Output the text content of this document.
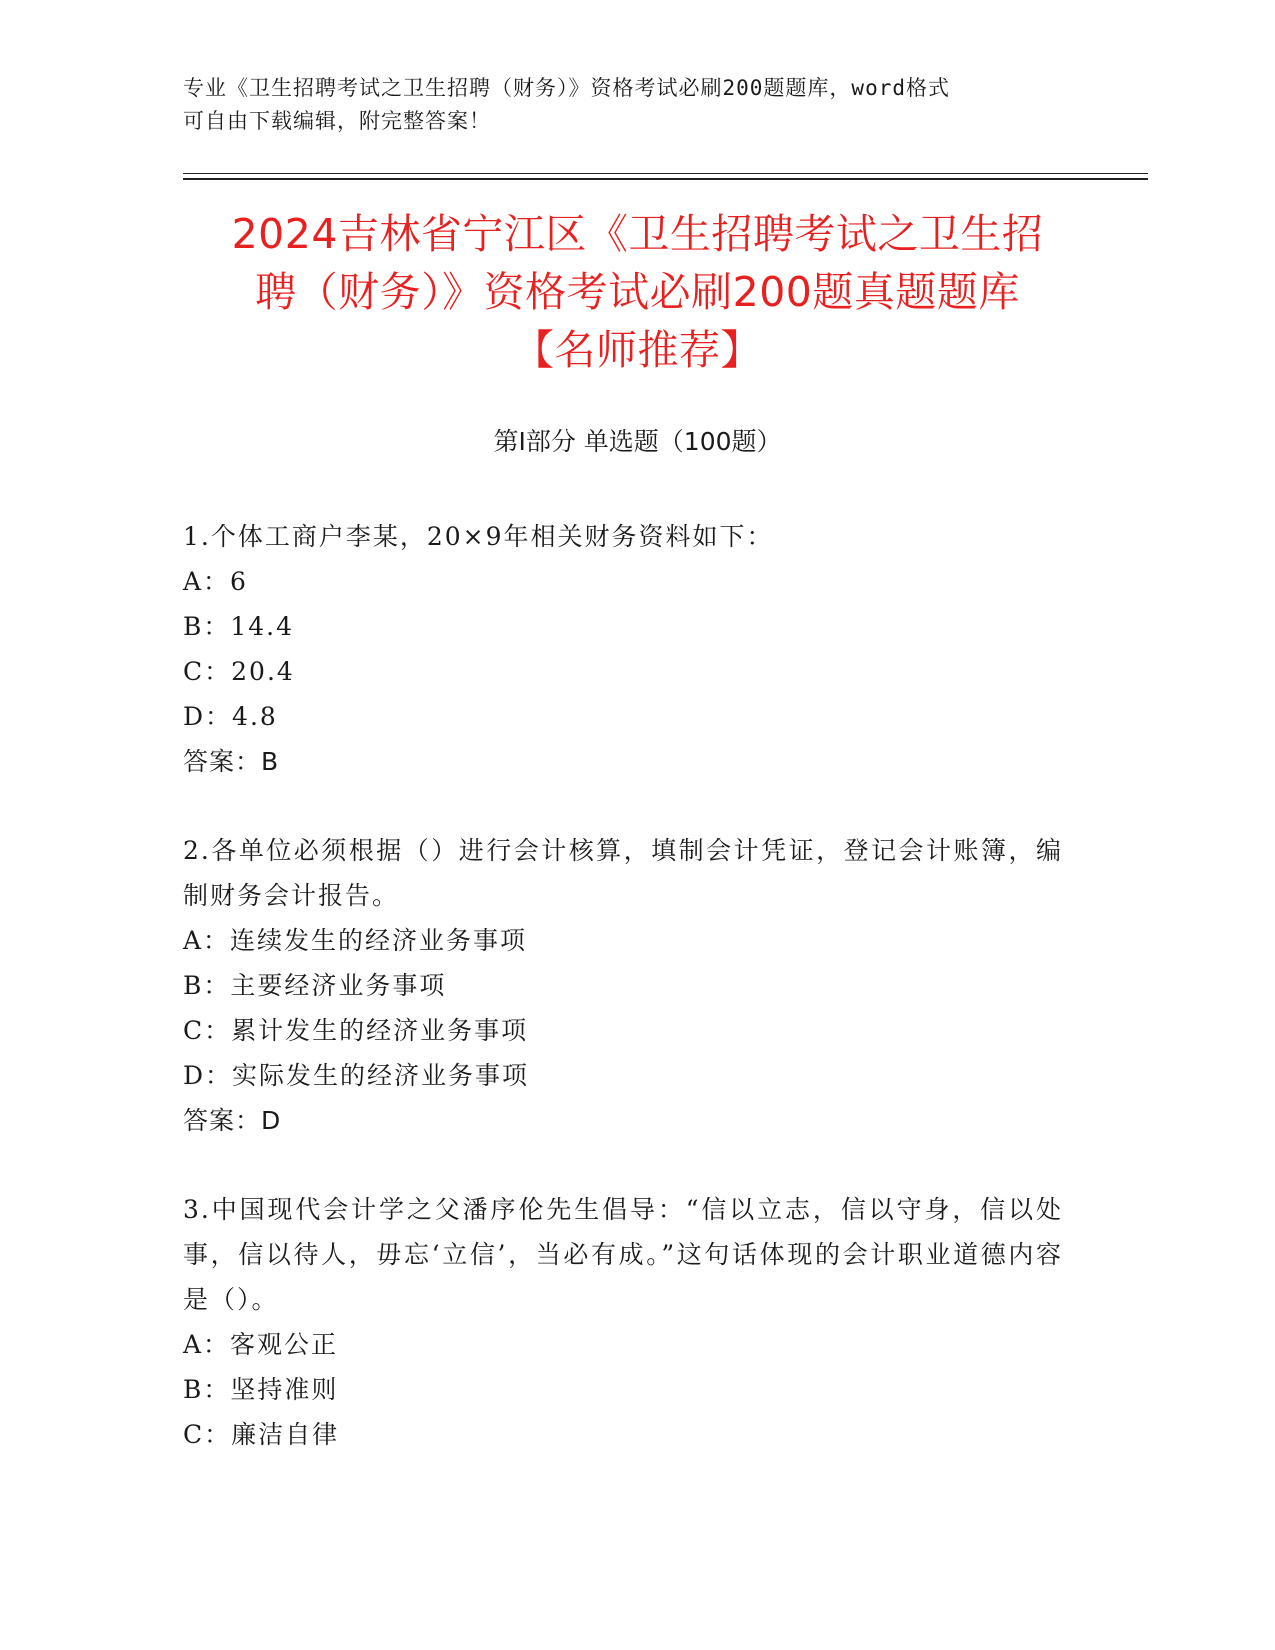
专业《卫生招聘考试之卫生招聘（财务）》资格考试必刷200题题库，word格式
可自由下载编辑，附完整答案！
2024吉林省宁江区《卫生招聘考试之卫生招
聘（财务）》资格考试必刷200题真题题库
【名师推荐】
第Ⅰ部分 单选题（100题）
1.个体工商户李某，20×9年相关财务资料如下：
A：6
B：14.4
C：20.4
D：4.8
答案：B
2.各单位必须根据（）进行会计核算，填制会计凭证，登记会计账簿，编制财务会计报告。
A：连续发生的经济业务事项
B：主要经济业务事项
C：累计发生的经济业务事项
D：实际发生的经济业务事项
答案：D
3.中国现代会计学之父潘序伦先生倡导：“信以立志，信以守身，信以处事，信以待人，毋忘‘立信’，当必有成。”这句话体现的会计职业道德内容是（）。
A：客观公正
B：坚持准则
C：廉洁自律
